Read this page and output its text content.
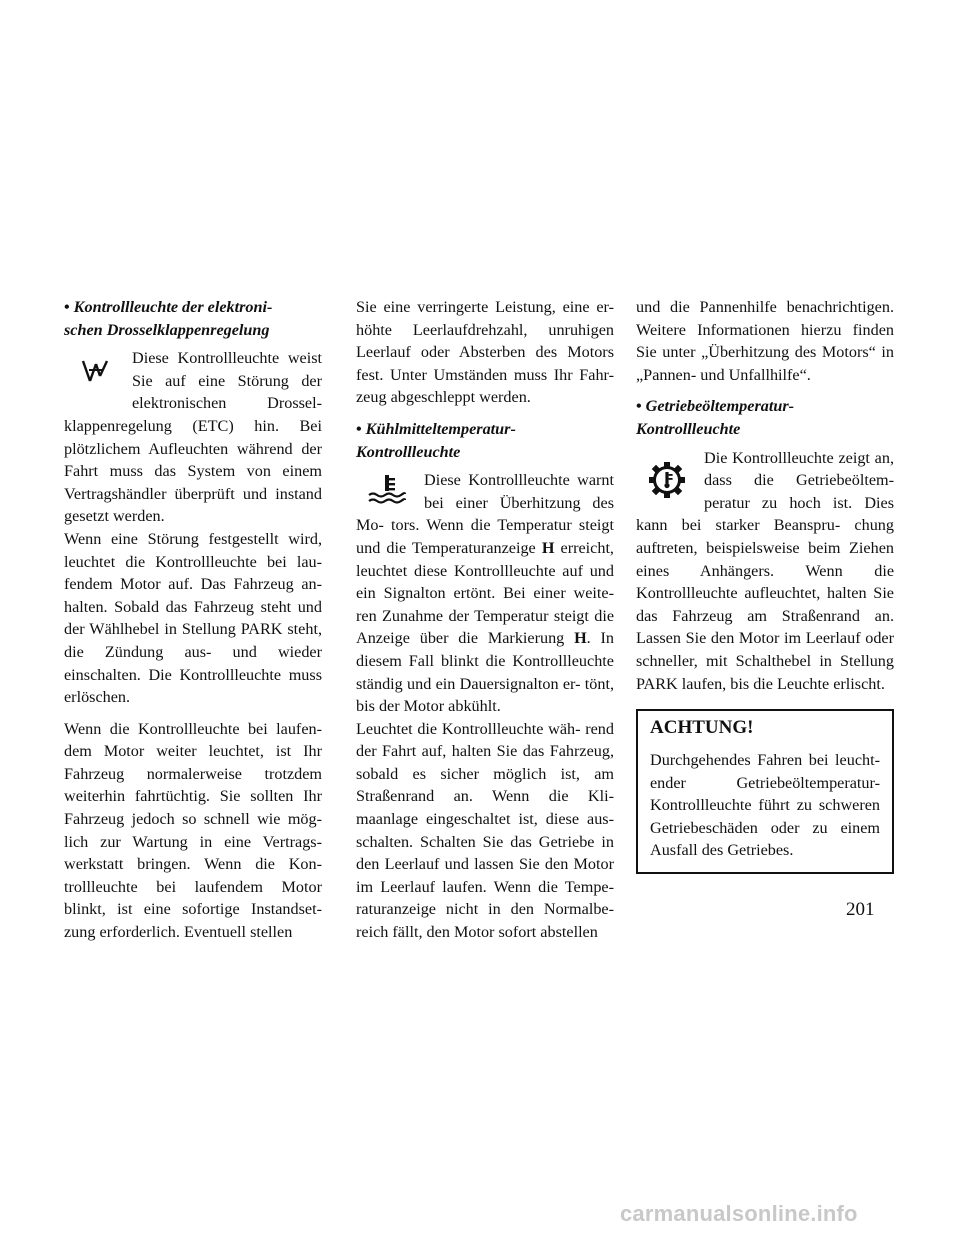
• Kontrollleuchte der elektroni-
schen Drosselklappenregelung

Diese Kontrollleuchte weist Sie auf eine Störung der elektronischen Drossel- klappenregelung (ETC) hin. Bei plötzlichem Aufleuchten während der Fahrt muss das System von einem Vertragshändler überprüft und instand gesetzt werden.

Wenn eine Störung festgestellt wird, leuchtet die Kontrollleuchte bei lau- fendem Motor auf. Das Fahrzeug an- halten. Sobald das Fahrzeug steht und der Wählhebel in Stellung PARK steht, die Zündung aus- und wieder einschalten. Die Kontrollleuchte muss erlöschen.

Wenn die Kontrollleuchte bei laufen- dem Motor weiter leuchtet, ist Ihr Fahrzeug normalerweise trotzdem weiterhin fahrtüchtig. Sie sollten Ihr Fahrzeug jedoch so schnell wie mög- lich zur Wartung in eine Vertrags- werkstatt bringen. Wenn die Kon- trollleuchte bei laufendem Motor blinkt, ist eine sofortige Instandset- zung erforderlich. Eventuell stellen

Sie eine verringerte Leistung, eine er- höhte Leerlaufdrehzahl, unruhigen Leerlauf oder Absterben des Motors fest. Unter Umständen muss Ihr Fahr- zeug abgeschleppt werden.

• Kühlmitteltemperatur-
Kontrollleuchte

Diese Kontrollleuchte warnt bei einer Überhitzung des Mo- tors. Wenn die Temperatur steigt und die Temperaturanzeige H erreicht, leuchtet diese Kontrollleuchte auf und ein Signalton ertönt. Bei einer weite- ren Zunahme der Temperatur steigt die Anzeige über die Markierung H. In diesem Fall blinkt die Kontrollleuchte ständig und ein Dauersignalton er- tönt, bis der Motor abkühlt.

Leuchtet die Kontrollleuchte wäh- rend der Fahrt auf, halten Sie das Fahrzeug, sobald es sicher möglich ist, am Straßenrand an. Wenn die Kli- maanlage eingeschaltet ist, diese aus- schalten. Schalten Sie das Getriebe in den Leerlauf und lassen Sie den Motor im Leerlauf laufen. Wenn die Tempe- raturanzeige nicht in den Normalbe- reich fällt, den Motor sofort abstellen

und die Pannenhilfe benachrichtigen. Weitere Informationen hierzu finden Sie unter „Überhitzung des Motors“ in „Pannen- und Unfallhilfe“.

• Getriebeöltemperatur-
Kontrollleuchte

Die Kontrollleuchte zeigt an, dass die Getriebeöltem- peratur zu hoch ist. Dies kann bei starker Beanspru- chung auftreten, beispielsweise beim Ziehen eines Anhängers. Wenn die Kontrollleuchte aufleuchtet, halten Sie das Fahrzeug am Straßenrand an. Lassen Sie den Motor im Leerlauf oder schneller, mit Schalthebel in Stellung PARK laufen, bis die Leuchte erlischt.

ACHTUNG!

Durchgehendes Fahren bei leucht- ender Getriebeöltemperatur- Kontrollleuchte führt zu schweren Getriebeschäden oder zu einem Ausfall des Getriebes.

201
carmanualsonline.info
